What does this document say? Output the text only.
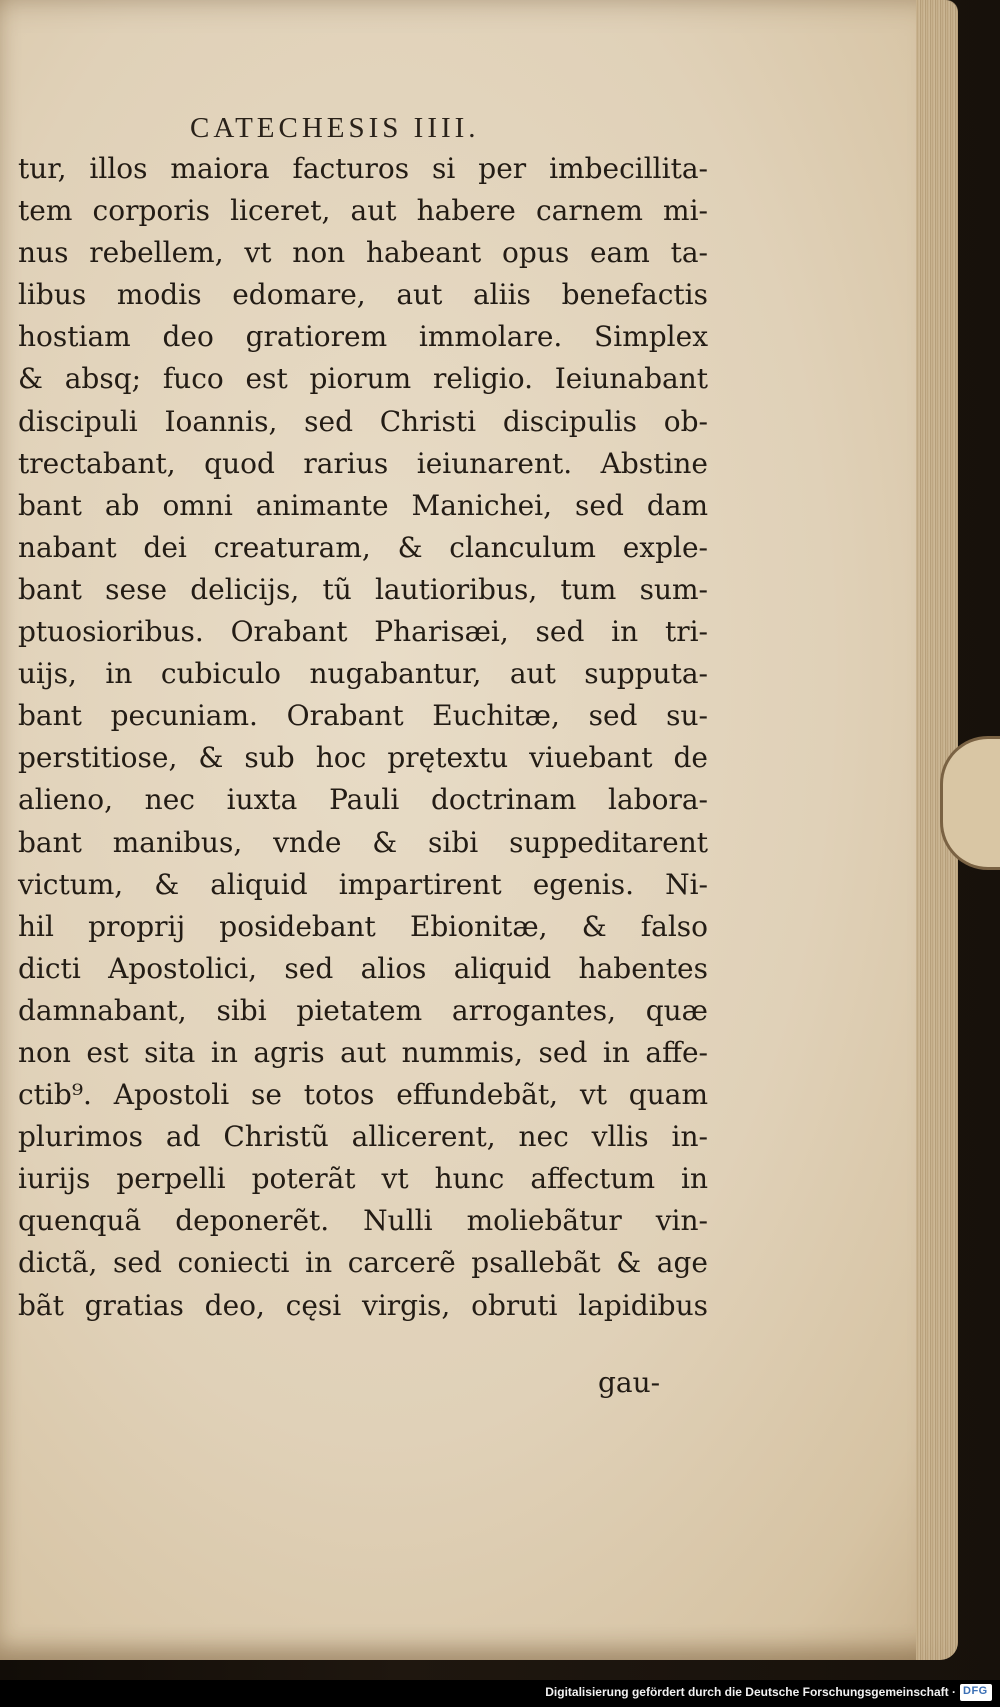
CATECHESIS IIII.
tur, illos maiora facturos si per imbecillita-
tem corporis liceret, aut habere carnem mi-
nus rebellem, vt non habeant opus eam ta-
libus modis edomare, aut aliis benefactis
hostiam deo gratiorem immolare. Simplex
& absq; fuco est piorum religio. Ieiunabant
discipuli Ioannis, sed Christi discipulis ob-
trectabant, quod rarius ieiunarent. Abstine
bant ab omni animante Manichei, sed dam
nabant dei creaturam, & clanculum exple-
bant sese delicijs, tũ lautioribus, tum sum-
ptuosioribus. Orabant Pharisæi, sed in tri-
uijs, in cubiculo nugabantur, aut supputa-
bant pecuniam. Orabant Euchitæ, sed su-
perstitiose, & sub hoc prętextu viuebant de
alieno, nec iuxta Pauli doctrinam labora-
bant manibus, vnde & sibi suppeditarent
victum, & aliquid impartirent egenis. Ni-
hil proprij posidebant Ebionitæ, & falso
dicti Apostolici, sed alios aliquid habentes
damnabant, sibi pietatem arrogantes, quæ
non est sita in agris aut nummis, sed in affe-
ctib⁹. Apostoli se totos effundebãt, vt quam
plurimos ad Christũ allicerent, nec vllis in-
iurijs perpelli poterãt vt hunc affectum in
quenquã deponerẽt. Nulli moliebãtur vin-
dictã, sed coniecti in carcerẽ psallebãt & age
bãt gratias deo, cęsi virgis, obruti lapidibus
gau-
Digitalisierung gefördert durch die Deutsche Forschungsgemeinschaft · DFG
